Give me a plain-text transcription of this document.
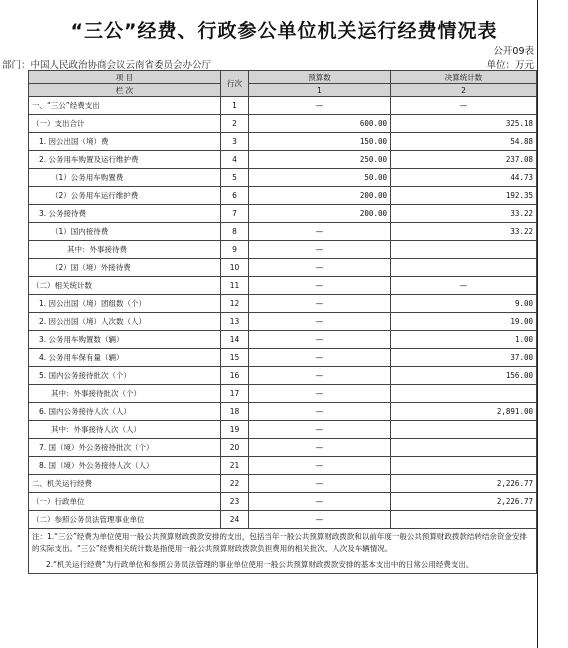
“三公”经费、行政参公单位机关运行经费情况表
公开09表
部门：中国人民政治协商会议云南省委员会办公厅	单位：万元
项 目	行次	预算数	决算统计数
栏 次		1	2
一、“三公”经费支出	1	—	—
（一）支出合计	2	600.00	325.18
1. 因公出国（境）费	3	150.00	54.88
2. 公务用车购置及运行维护费	4	250.00	237.08
（1）公务用车购置费	5	50.00	44.73
（2）公务用车运行维护费	6	200.00	192.35
3. 公务接待费	7	200.00	33.22
（1）国内接待费	8	—	33.22
其中：外事接待费	9	—	
（2）国（境）外接待费	10	—	
（二）相关统计数	11	—	—
1. 因公出国（境）团组数（个）	12	—	9.00
2. 因公出国（境）人次数（人）	13	—	19.00
3. 公务用车购置数（辆）	14	—	1.00
4. 公务用车保有量（辆）	15	—	37.00
5. 国内公务接待批次（个）	16	—	156.00
其中：外事接待批次（个）	17	—	
6. 国内公务接待人次（人）	18	—	2,891.00
其中：外事接待人次（人）	19	—	
7. 国（境）外公务接待批次（个）	20	—	
8. 国（境）外公务接待人次（人）	21	—	
二、机关运行经费	22	—	2,226.77
（一）行政单位	23	—	2,226.77
（二）参照公务员法管理事业单位	24	—	

注：1.“三公”经费为单位使用一般公共预算财政拨款安排的支出，包括当年一般公共预算财政拨款和以前年度一般公共预算财政拨款结转结余资金安排的实际支出。“三公”经费相关统计数是指使用一般公共预算财政拨款负担费用的相关批次、人次及车辆情况。
2.“机关运行经费”为行政单位和参照公务员法管理的事业单位使用一般公共预算财政拨款安排的基本支出中的日常公用经费支出。			
